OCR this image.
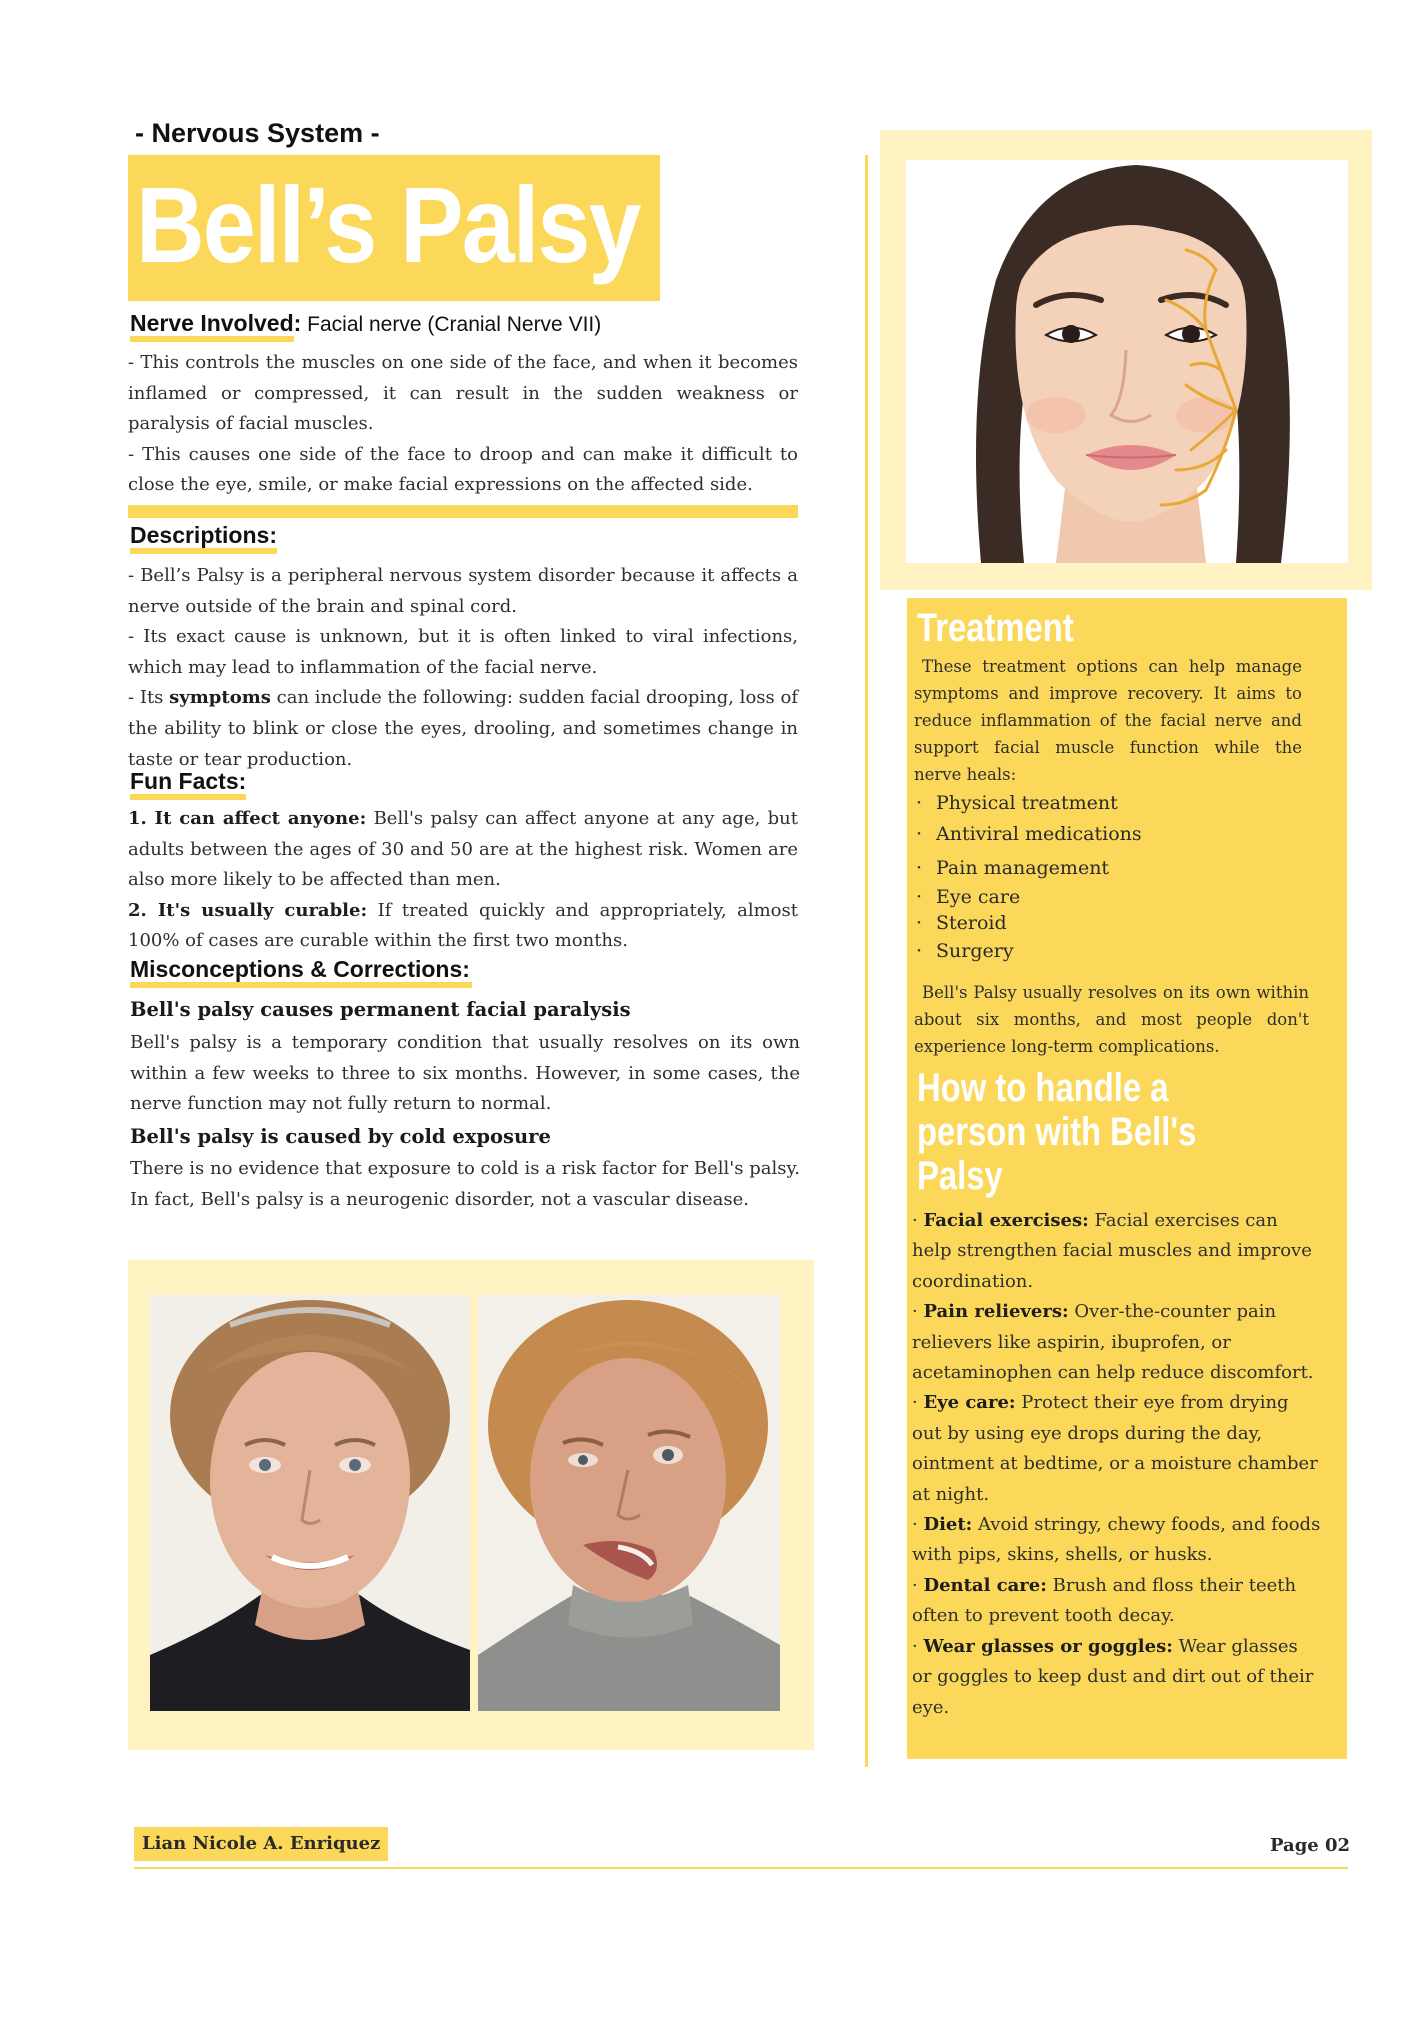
- Nervous System -
Bell’s Palsy
Nerve Involved: Facial nerve (Cranial Nerve VII)

- This controls the muscles on one side of the face, and when it becomes inflamed or compressed, it can result in the sudden weakness or paralysis of facial muscles.

- This causes one side of the face to droop and can make it difficult to close the eye, smile, or make facial expressions on the affected side.

Descriptions:

- Bell’s Palsy is a peripheral nervous system disorder because it affects a nerve outside of the brain and spinal cord.

- Its exact cause is unknown, but it is often linked to viral infections, which may lead to inflammation of the facial nerve.

- Its symptoms can include the following: sudden facial drooping, loss of the ability to blink or close the eyes, drooling, and sometimes change in taste or tear production.

Fun Facts:

1. It can affect anyone: Bell's palsy can affect anyone at any age, but adults between the ages of 30 and 50 are at the highest risk. Women are also more likely to be affected than men.

2. It's usually curable: If treated quickly and appropriately, almost 100% of cases are curable within the first two months.

Misconceptions & Corrections:
Bell's palsy causes permanent facial paralysis
Bell's palsy is a temporary condition that usually resolves on its own within a few weeks to three to six months. However, in some cases, the nerve function may not fully return to normal.
Bell's palsy is caused by cold exposure
There is no evidence that exposure to cold is a risk factor for Bell's palsy. In fact, Bell's palsy is a neurogenic disorder, not a vascular disease.
Treatment
These treatment options can help manage symptoms and improve recovery. It aims to reduce inflammation of the facial nerve and support facial muscle function while the nerve heals:
· Physical treatment
· Antiviral medications
· Pain management
· Eye care
· Steroid
· Surgery
Bell's Palsy usually resolves on its own within about six months, and most people don't experience long-term complications.
How to handle a
person with Bell's
Palsy
· Facial exercises: Facial exercises can help strengthen facial muscles and improve coordination.
· Pain relievers: Over-the-counter pain relievers like aspirin, ibuprofen, or acetaminophen can help reduce discomfort.
· Eye care: Protect their eye from drying out by using eye drops during the day, ointment at bedtime, or a moisture chamber at night.
· Diet: Avoid stringy, chewy foods, and foods with pips, skins, shells, or husks.
· Dental care: Brush and floss their teeth often to prevent tooth decay.
· Wear glasses or goggles: Wear glasses or goggles to keep dust and dirt out of their eye.
Lian Nicole A. Enriquez	Page 02
